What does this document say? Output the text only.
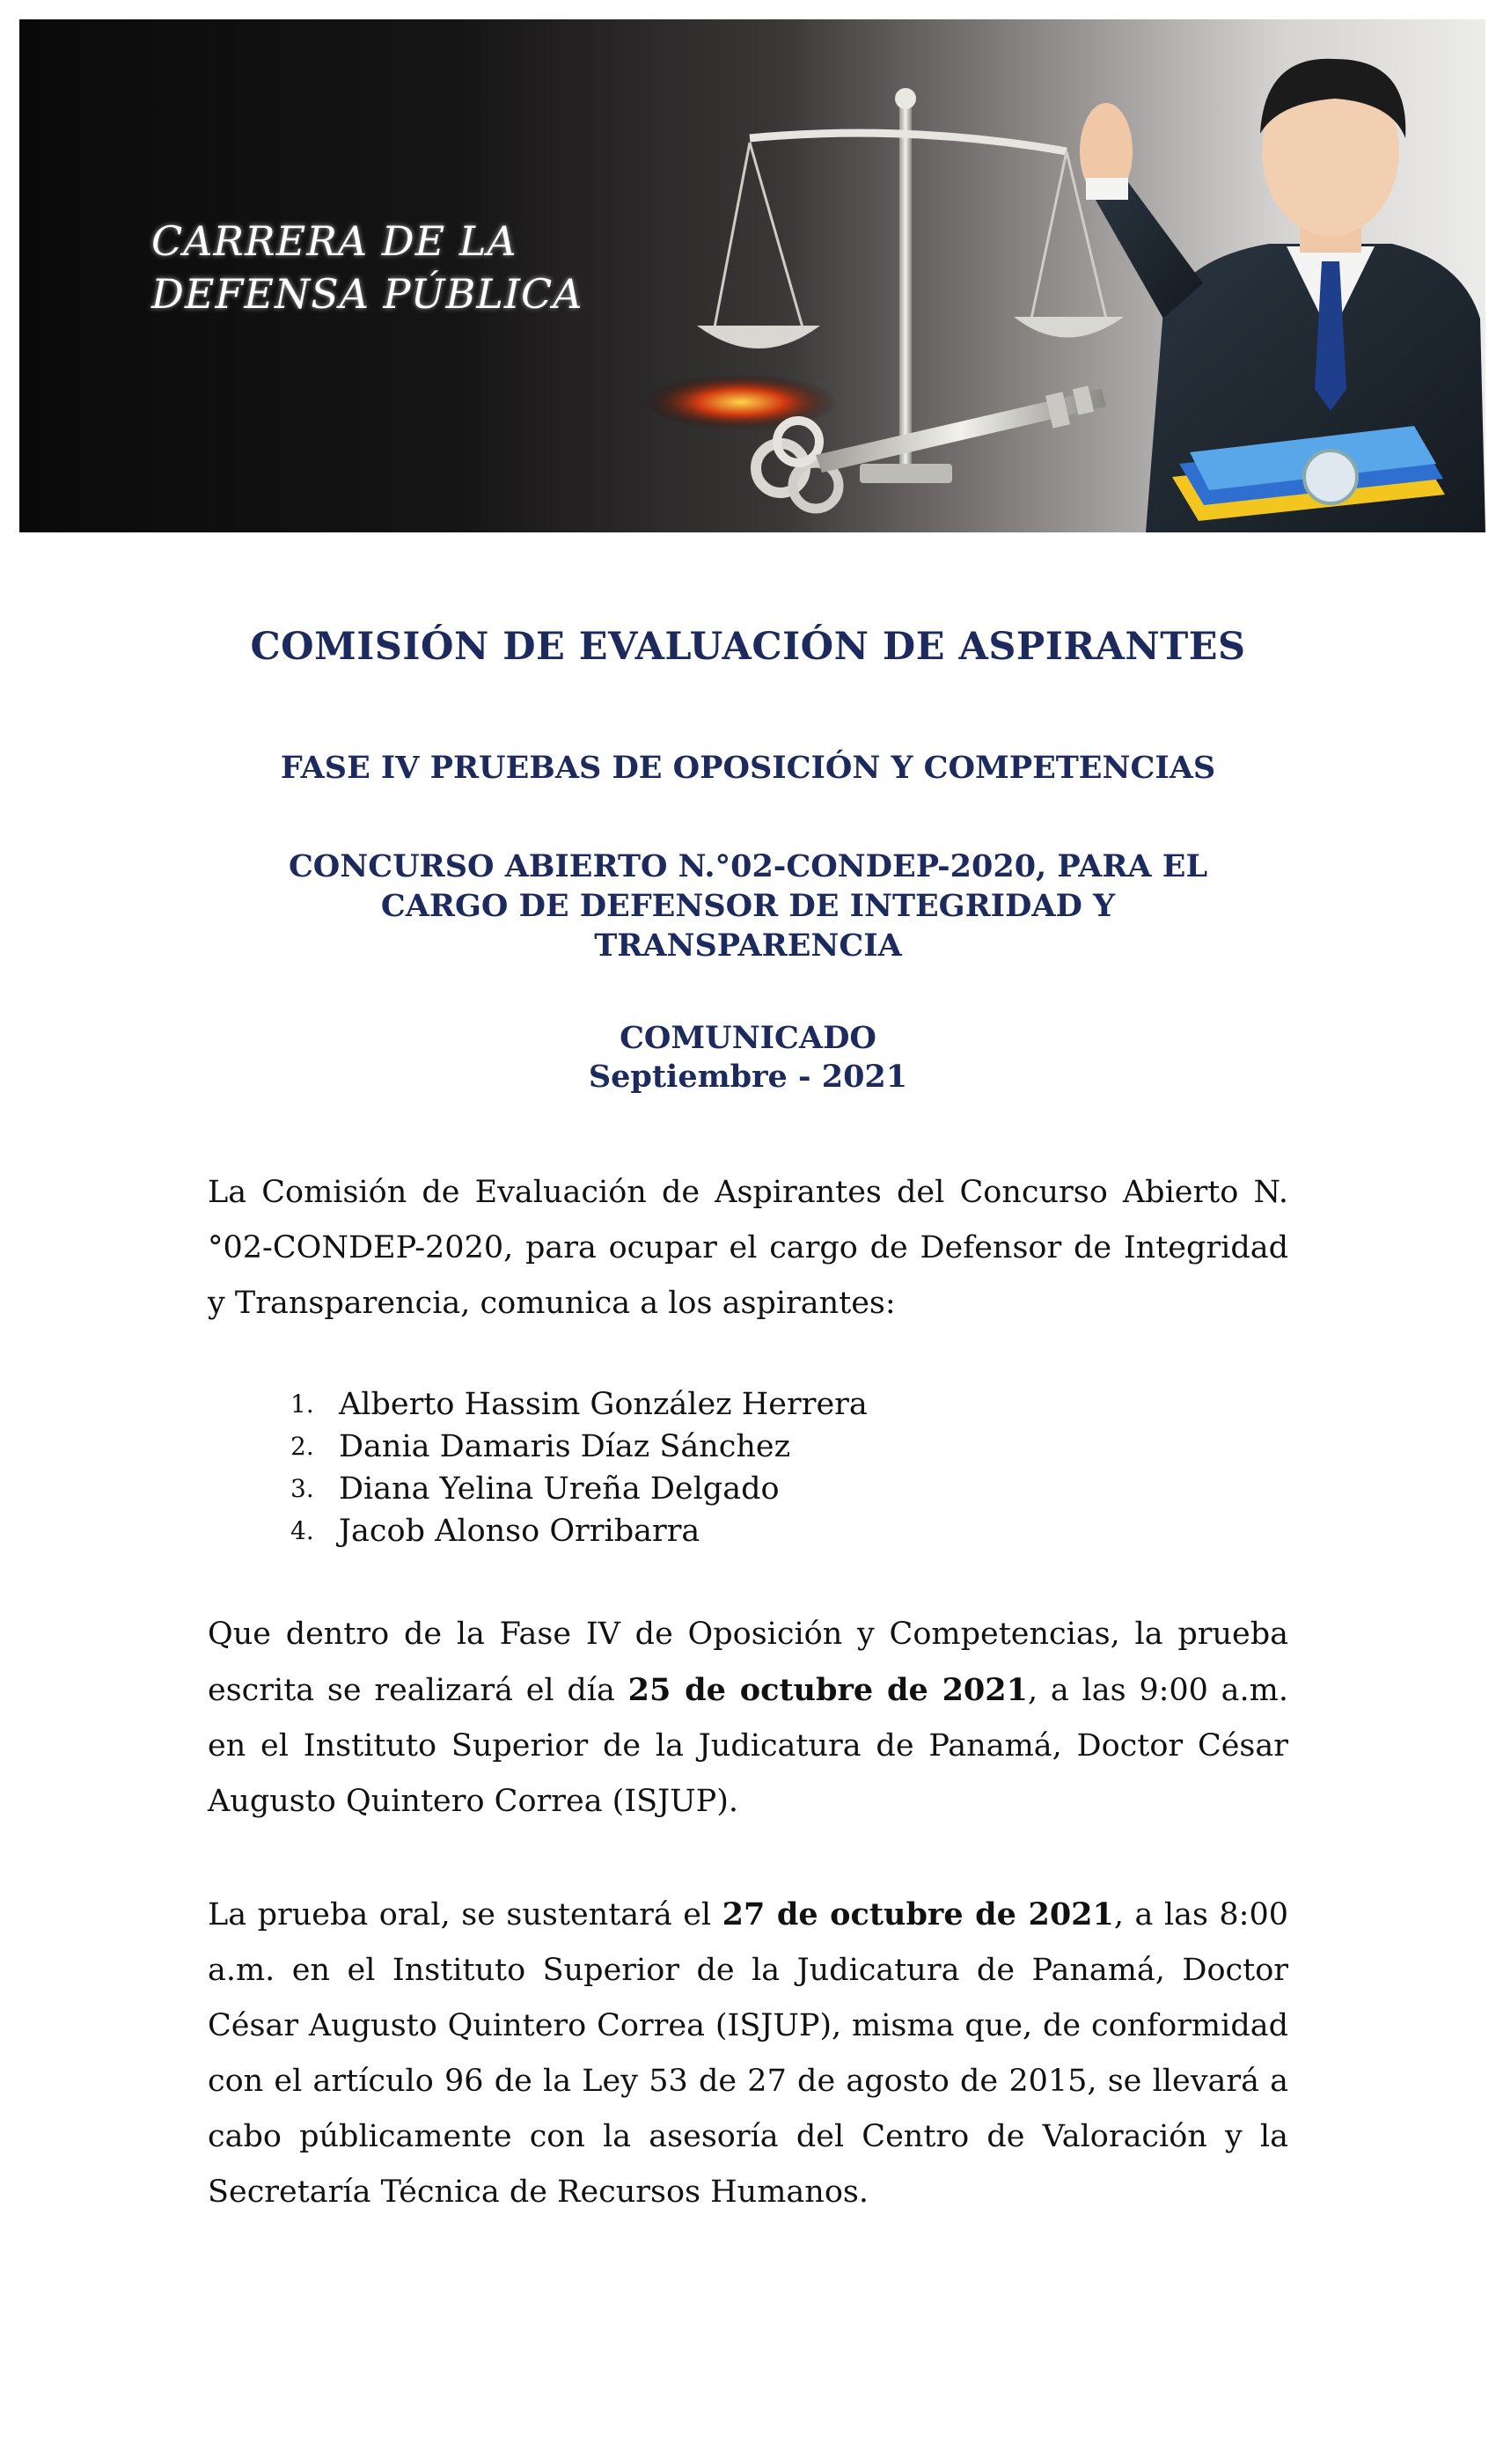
CARRERA DE LA
DEFENSA PÚBLICA
COMISIÓN DE EVALUACIÓN DE ASPIRANTES
FASE IV PRUEBAS DE OPOSICIÓN Y COMPETENCIAS
CONCURSO ABIERTO N.°02-CONDEP-2020, PARA EL
CARGO DE DEFENSOR DE INTEGRIDAD Y
TRANSPARENCIA
COMUNICADO
Septiembre - 2021

La Comisión de Evaluación de Aspirantes del Concurso Abierto N.°02-CONDEP-2020, para ocupar el cargo de Defensor de Integridad y Transparencia, comunica a los aspirantes:

1. Alberto Hassim González Herrera
2. Dania Damaris Díaz Sánchez
3. Diana Yelina Ureña Delgado
4. Jacob Alonso Orribarra

Que dentro de la Fase IV de Oposición y Competencias, la prueba escrita se realizará el día 25 de octubre de 2021, a las 9:00 a.m. en el Instituto Superior de la Judicatura de Panamá, Doctor César Augusto Quintero Correa (ISJUP).

La prueba oral, se sustentará el 27 de octubre de 2021, a las 8:00 a.m. en el Instituto Superior de la Judicatura de Panamá, Doctor César Augusto Quintero Correa (ISJUP), misma que, de conformidad con el artículo 96 de la Ley 53 de 27 de agosto de 2015, se llevará a cabo públicamente con la asesoría del Centro de Valoración y la Secretaría Técnica de Recursos Humanos.
